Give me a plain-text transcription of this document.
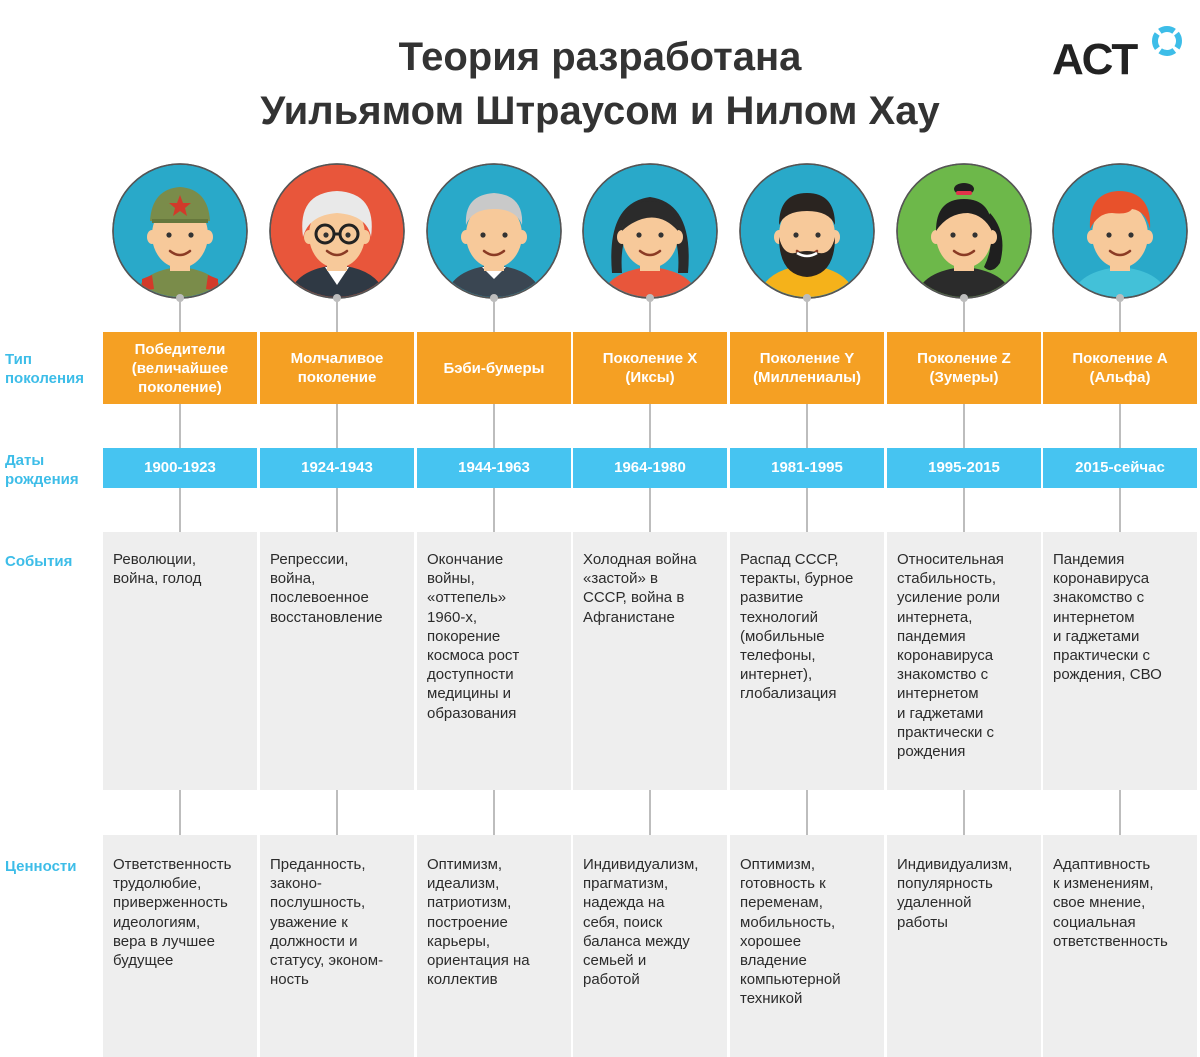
Теория разработана
Уильямом Штраусом и Нилом Хау
АСТ
Тип
поколения
Даты
рождения
События
Ценности
Победители
(величайшее
поколение)
1900-1923
Революции,
война, голод
Ответственность
трудолюбие,
приверженность
идеологиям,
вера в лучшее
будущее
Молчаливое
поколение
1924-1943
Репрессии,
война,
послевоенное
восстановление
Преданность,
законо-
послушность,
уважение к
должности и
статусу, эконом-
ность
Бэби-бумеры
1944-1963
Окончание
войны,
«оттепель»
1960-х,
покорение
космоса рост
доступности
медицины и
образования
Оптимизм,
идеализм,
патриотизм,
построение
карьеры,
ориентация на
коллектив
Поколение X
(Иксы)
1964-1980
Холодная война
«застой» в
СССР, война в
Афганистане
Индивидуализм,
прагматизм,
надежда на
себя, поиск
баланса между
семьей и
работой
Поколение Y
(Миллениалы)
1981-1995
Распад СССР,
теракты, бурное
развитие
технологий
(мобильные
телефоны,
интернет),
глобализация
Оптимизм,
готовность к
переменам,
мобильность,
хорошее
владение
компьютерной
техникой
Поколение Z
(Зумеры)
1995-2015
Относительная
стабильность,
усиление роли
интернета,
пандемия
коронавируса
знакомство с
интернетом
и гаджетами
практически с
рождения
Индивидуализм,
популярность
удаленной
работы
Поколение А
(Альфа)
2015-сейчас
Пандемия
коронавируса
знакомство с
интернетом
и гаджетами
практически с
рождения, СВО
Адаптивность
к изменениям,
свое мнение,
социальная
ответственность
